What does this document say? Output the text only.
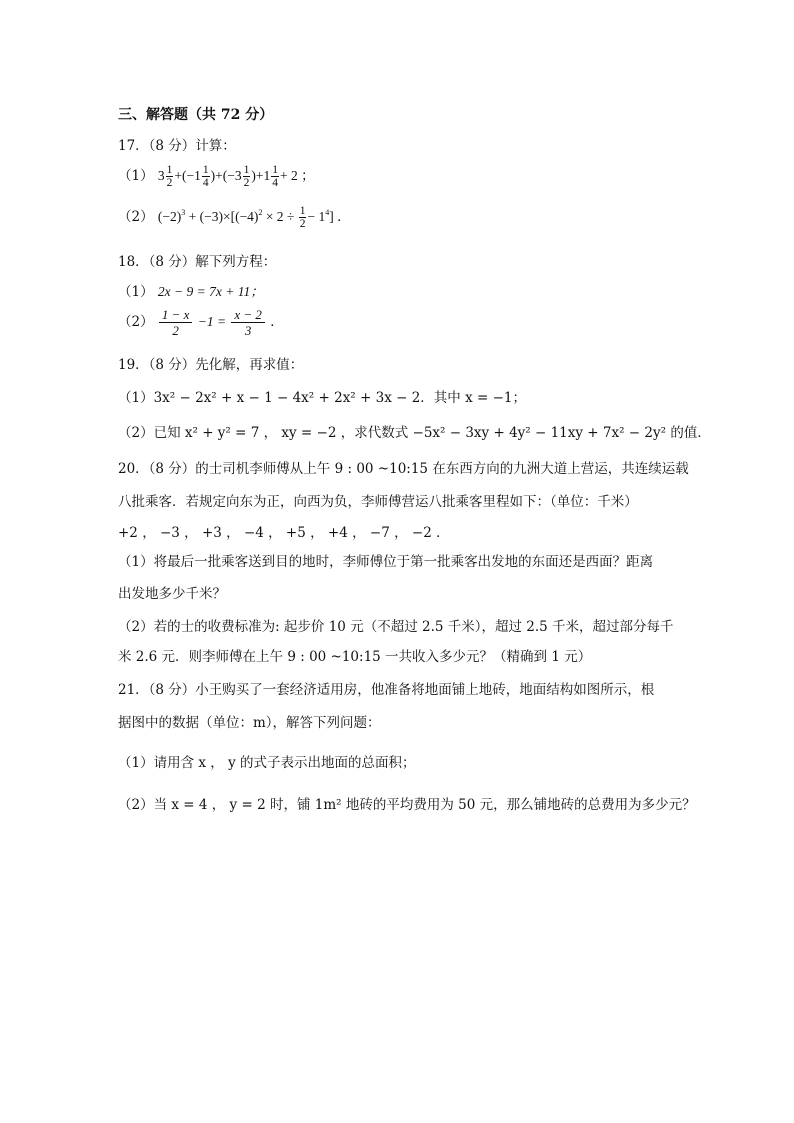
三、解答题（共 72 分）
17．（8 分）计算：
（1） $3 \frac{1}{2} +(-1 \frac{1}{4} )+(-3 \frac{1}{2} )+1 \frac{1}{4} + 2$ ；
（2） $(-2)^3 + (-3)\times[(-4)^2 \times 2 \div \frac{1}{2} - 1^4]$ ．
18．（8 分）解下列方程：
（1） 2x − 9 = 7x + 11；
$(2) \frac{1 - x}{2} -1 = \frac{x - 2}{3}$ ．
19．（8 分）先化解，再求值：
（1）3x² − 2x² + x − 1 − 4x² + 2x² + 3x − 2．其中 x = −1；
（2）已知 x² + y² = 7 ， xy = −2 ，求代数式 −5x² − 3xy + 4y² − 11xy + 7x² − 2y² 的值．
20．（8 分）的士司机李师傅从上午 9 : 00 ~10:15 在东西方向的九洲大道上营运，共连续运载
八批乘客．若规定向东为正，向西为负，李师傅营运八批乘客里程如下：（单位：千米）
+2 ， −3 ， +3 ， −4 ， +5 ， +4 ， −7 ， −2 ．
（1）将最后一批乘客送到目的地时，李师傅位于第一批乘客出发地的东面还是西面？距离
出发地多少千米？
（2）若的士的收费标准为: 起步价 10 元（不超过 2.5 千米），超过 2.5 千米，超过部分每千
米 2.6 元．则李师傅在上午 9 : 00 ~10:15 一共收入多少元？（精确到 1 元）
21．（8 分）小王购买了一套经济适用房，他准备将地面铺上地砖，地面结构如图所示，根
据图中的数据（单位：m），解答下列问题：
（1）请用含 x ， y 的式子表示出地面的总面积；
（2）当 x = 4 ， y = 2 时，铺 1m² 地砖的平均费用为 50 元，那么铺地砖的总费用为多少元？
